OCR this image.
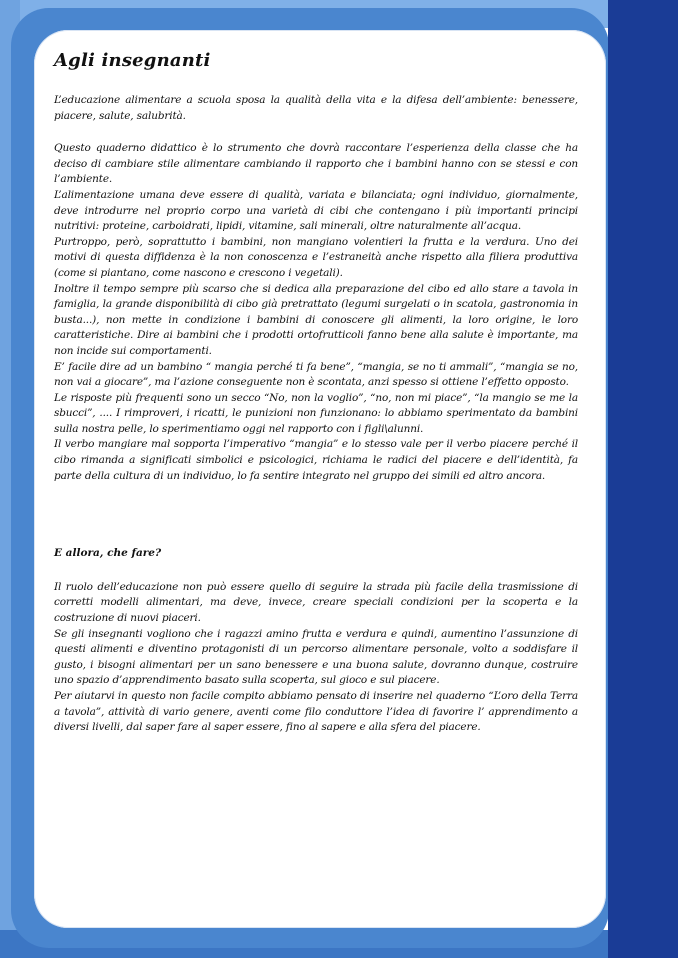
Agli insegnanti

L’educazione alimentare a scuola sposa la qualità della vita e la difesa dell’ambiente: benessere, piacere, salute, salubrità.

Questo quaderno didattico è lo strumento che dovrà raccontare l’esperienza della classe che ha deciso di cambiare stile alimentare cambiando il rapporto che i bambini hanno con se stessi e con l’ambiente.

L’alimentazione umana deve essere di qualità, variata e bilanciata; ogni individuo, giornalmente, deve introdurre nel proprio corpo una varietà di cibi che contengano i più importanti principi nutritivi: proteine, carboidrati, lipidi, vitamine, sali minerali, oltre naturalmente all’acqua.

Purtroppo, però, soprattutto i bambini, non mangiano volentieri la frutta e la verdura. Uno dei motivi di questa diffidenza è la non conoscenza e l’estraneità anche rispetto alla filiera produttiva (come si piantano, come nascono e crescono i vegetali).

Inoltre il tempo sempre più scarso che si dedica alla preparazione del cibo ed allo stare a tavola in famiglia, la grande disponibilità di cibo già pretrattato (legumi surgelati o in scatola, gastronomia in busta...), non mette in condizione i bambini di conoscere gli alimenti, la loro origine, le loro caratteristiche. Dire ai bambini che i prodotti ortofrutticoli fanno bene alla salute è importante, ma non incide sui comportamenti.

E’ facile dire ad un bambino “ mangia perché ti fa bene”, “mangia, se no ti ammali”, “mangia se no, non vai a giocare”, ma l’azione conseguente non è scontata, anzi spesso si ottiene l’effetto opposto.

Le risposte più frequenti sono un secco “No, non la voglio”, “no, non mi piace”, “la mangio se me la sbucci”, .... I rimproveri, i ricatti, le punizioni non funzionano: lo abbiamo sperimentato da bambini sulla nostra pelle, lo sperimentiamo oggi nel rapporto con i figli\alunni.

Il verbo mangiare mal sopporta l’imperativo “mangia” e lo stesso vale per il verbo piacere perché il cibo rimanda a significati simbolici e psicologici, richiama le radici del piacere e dell’identità, fa parte della cultura di un individuo, lo fa sentire integrato nel gruppo dei simili ed altro ancora.

E allora, che fare?

Il ruolo dell’educazione non può essere quello di seguire la strada più facile della trasmissione di corretti modelli alimentari, ma deve, invece, creare speciali condizioni per la scoperta e la costruzione di nuovi piaceri.

Se gli insegnanti vogliono che i ragazzi amino frutta e verdura e quindi, aumentino l’assunzione di questi alimenti e diventino protagonisti di un percorso alimentare personale, volto a soddisfare il gusto, i bisogni alimentari per un sano benessere e una buona salute, dovranno dunque, costruire uno spazio d’apprendimento basato sulla scoperta, sul gioco e sul piacere.

Per aiutarvi in questo non facile compito abbiamo pensato di inserire nel quaderno “L’oro della Terra a tavola”, attività di vario genere, aventi come filo conduttore l’idea di favorire l’ apprendimento a diversi livelli, dal saper fare al saper essere, fino al sapere e alla sfera del piacere.
